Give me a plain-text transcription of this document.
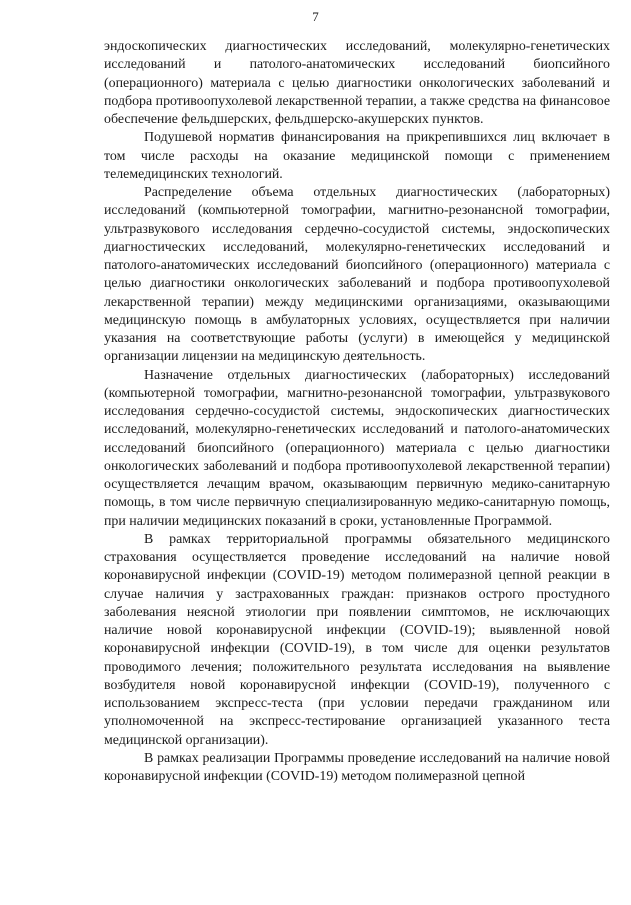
7

эндоскопических диагностических исследований, молекулярно-генетических исследований и патолого-анатомических исследований биопсийного (операционного) материала с целью диагностики онкологических заболеваний и подбора противоопухолевой лекарственной терапии, а также средства на финансовое обеспечение фельдшерских, фельдшерско-акушерских пунктов.

Подушевой норматив финансирования на прикрепившихся лиц включает в том числе расходы на оказание медицинской помощи с применением телемедицинских технологий.

Распределение объема отдельных диагностических (лабораторных) исследований (компьютерной томографии, магнитно-резонансной томографии, ультразвукового исследования сердечно-сосудистой системы, эндоскопических диагностических исследований, молекулярно-генетических исследований и патолого-анатомических исследований биопсийного (операционного) материала с целью диагностики онкологических заболеваний и подбора противоопухолевой лекарственной терапии) между медицинскими организациями, оказывающими медицинскую помощь в амбулаторных условиях, осуществляется при наличии указания на соответствующие работы (услуги) в имеющейся у медицинской организации лицензии на медицинскую деятельность.

Назначение отдельных диагностических (лабораторных) исследований (компьютерной томографии, магнитно-резонансной томографии, ультразвукового исследования сердечно-сосудистой системы, эндоскопических диагностических исследований, молекулярно-генетических исследований и патолого-анатомических исследований биопсийного (операционного) материала с целью диагностики онкологических заболеваний и подбора противоопухолевой лекарственной терапии) осуществляется лечащим врачом, оказывающим первичную медико-санитарную помощь, в том числе первичную специализированную медико-санитарную помощь, при наличии медицинских показаний в сроки, установленные Программой.

В рамках территориальной программы обязательного медицинского страхования осуществляется проведение исследований на наличие новой коронавирусной инфекции (COVID-19) методом полимеразной цепной реакции в случае наличия у застрахованных граждан: признаков острого простудного заболевания неясной этиологии при появлении симптомов, не исключающих наличие новой коронавирусной инфекции (COVID-19); выявленной новой коронавирусной инфекции (COVID-19), в том числе для оценки результатов проводимого лечения; положительного результата исследования на выявление возбудителя новой коронавирусной инфекции (COVID-19), полученного с использованием экспресс-теста (при условии передачи гражданином или уполномоченной на экспресс-тестирование организацией указанного теста медицинской организации).

В рамках реализации Программы проведение исследований на наличие новой коронавирусной инфекции (COVID-19) методом полимеразной цепной
